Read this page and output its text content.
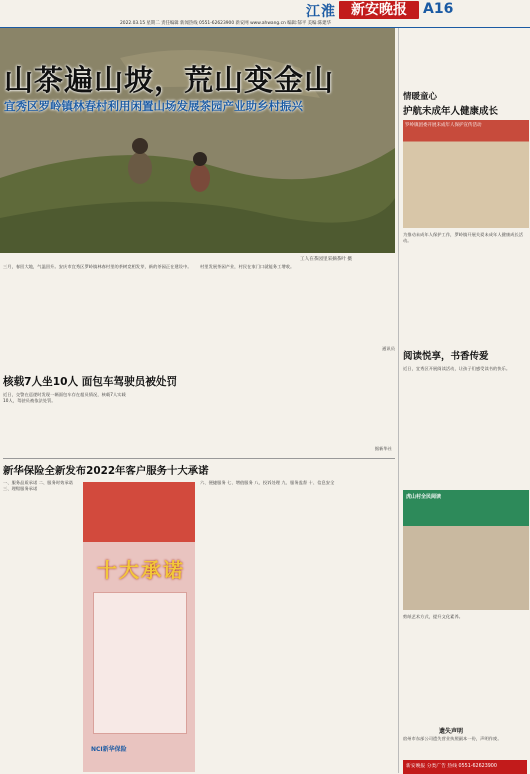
江淮	新安晚报	A16
2022.03.15 星期二 责任编辑 新闻热线 0551-62623900 新安网 www.ahwang.cn 编辑:郜平 美编:陈建华
山茶遍山坡，荒山变金山
宜秀区罗岭镇林春村利用闲置山场发展茶园产业助乡村振兴
工人在茶园里采摘茶叶 摄
三月，春回大地，气温回升。安庆市宜秀区罗岭镇林春村里的茶树竞相发芽，新的茶园正在建设中。	村里发展茶园产业，村民在家门口就能务工增收。
通讯员
核载7人坐10人 面包车驾驶员被处罚
近日，交警在巡逻时发现一辆面包车存在超员情况，核载7人实载10人，驾驶员被依法处罚。
据新华社
新华保险全新发布2022年客户服务十大承诺
一、服务品质承诺 二、服务时效承诺 三、理赔服务承诺
十大承诺
NCI新华保险
六、便捷服务 七、增值服务 八、投诉处理 九、服务监督 十、信息安全
情暖童心
护航未成年人健康成长
罗岭镇团委开展未成年人保护宣传活动
为推动未成年人保护工作，罗岭镇开展关爱未成年人健康成长活动。
阅读悦享，书香传爱
近日，宜秀区开展阅读活动，让孩子们感受读书的快乐。
虎山村全民阅读
剪纸艺术方式，提升文化素养。
遗失声明
宿州市东部公司遗失营业执照副本一份，声明作废。
新安晚报 分类广告 热线 0551-62623900
